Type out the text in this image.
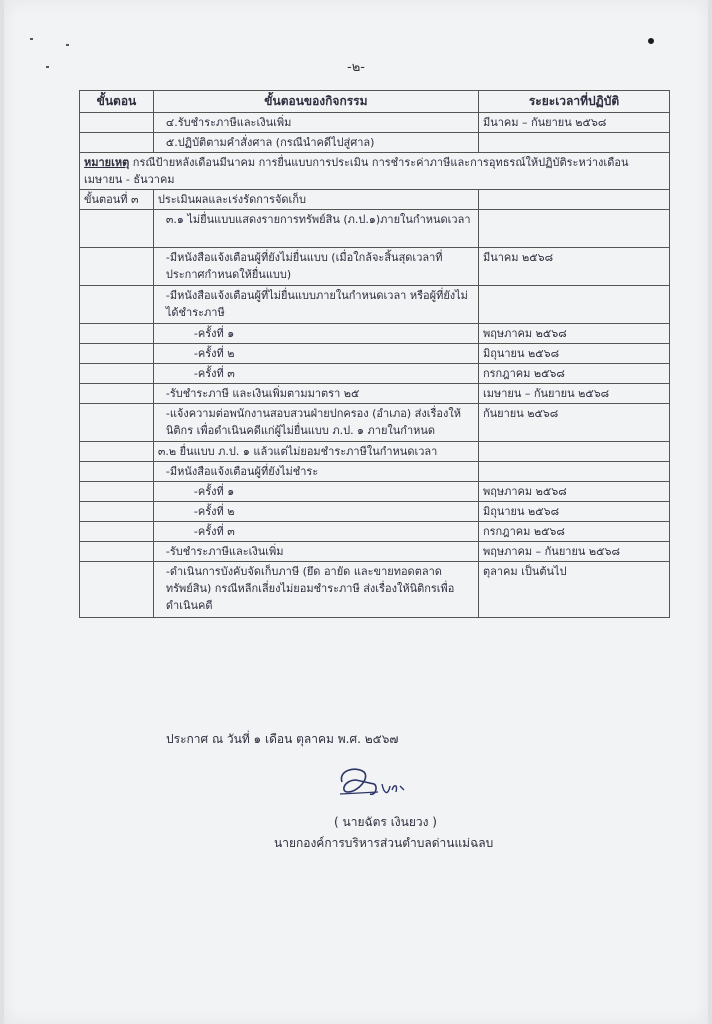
-๒-
ขั้นตอน	ขั้นตอนของกิจกรรม	ระยะเวลาที่ปฏิบัติ
	๔.รับชำระภาษีและเงินเพิ่ม	มีนาคม – กันยายน ๒๕๖๘
	๕.ปฏิบัติตามคำสั่งศาล (กรณีนำคดีไปสู่ศาล)	
หมายเหตุ กรณีป้ายหลังเดือนมีนาคม การยื่นแบบการประเมิน การชำระค่าภาษีและการอุทธรณ์ให้ปฏิบัติระหว่างเดือนเมษายน - ธันวาคม		
ขั้นตอนที่ ๓	ประเมินผลและเร่งรัดการจัดเก็บ	
	๓.๑ ไม่ยื่นแบบแสดงรายการทรัพย์สิน (ภ.ป.๑)ภายในกำหนดเวลา	
	-มีหนังสือแจ้งเตือนผู้ที่ยังไม่ยื่นแบบ (เมื่อใกล้จะสิ้นสุดเวลาที่ประกาศกำหนดให้ยื่นแบบ)	มีนาคม ๒๕๖๘
	-มีหนังสือแจ้งเตือนผู้ที่ไม่ยื่นแบบภายในกำหนดเวลา หรือผู้ที่ยังไม่ได้ชำระภาษี	
	-ครั้งที่ ๑	พฤษภาคม ๒๕๖๘
	-ครั้งที่ ๒	มิถุนายน ๒๕๖๘
	-ครั้งที่ ๓	กรกฎาคม ๒๕๖๘
	-รับชำระภาษี และเงินเพิ่มตามมาตรา ๒๕	เมษายน – กันยายน ๒๕๖๘
	-แจ้งความต่อพนักงานสอบสวนฝ่ายปกครอง (อำเภอ) ส่งเรื่องให้นิติกร เพื่อดำเนินคดีแก่ผู้ไม่ยื่นแบบ ภ.ป. ๑ ภายในกำหนด	กันยายน ๒๕๖๘
	๓.๒ ยื่นแบบ ภ.ป. ๑ แล้วแต่ไม่ยอมชำระภาษีในกำหนดเวลา	
	-มีหนังสือแจ้งเตือนผู้ที่ยังไม่ชำระ	
	-ครั้งที่ ๑	พฤษภาคม ๒๕๖๘
	-ครั้งที่ ๒	มิถุนายน ๒๕๖๘
	-ครั้งที่ ๓	กรกฎาคม ๒๕๖๘
	-รับชำระภาษีและเงินเพิ่ม	พฤษภาคม – กันยายน ๒๕๖๘
	-ดำเนินการบังคับจัดเก็บภาษี (ยึด อายัด และขายทอดตลาดทรัพย์สิน) กรณีหลีกเลี่ยงไม่ยอมชำระภาษี ส่งเรื่องให้นิติกรเพื่อดำเนินคดี	ตุลาคม เป็นต้นไป
ประกาศ ณ วันที่ ๑ เดือน ตุลาคม พ.ศ. ๒๕๖๗
( นายฉัตร เงินยวง )
นายกองค์การบริหารส่วนตำบลด่านแม่ฉลบ
